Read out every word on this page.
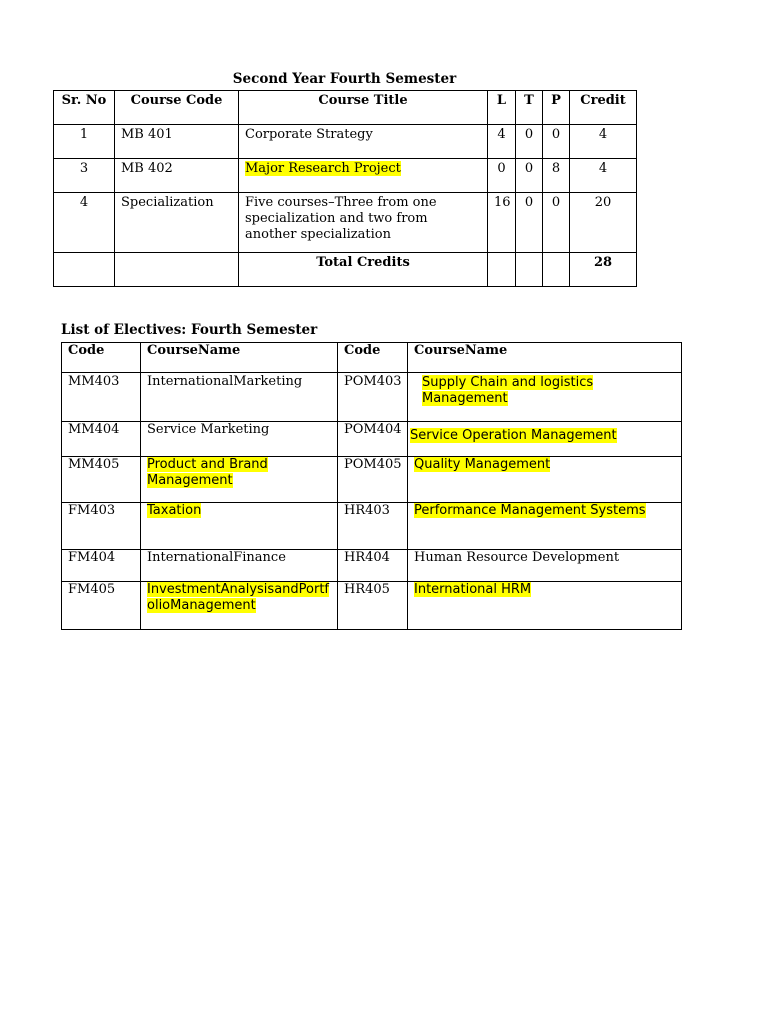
Second Year Fourth Semester
Sr. No	Course Code	Course Title	L	T	P	Credit
1	MB 401	Corporate Strategy	4	0	0	4
3	MB 402	Major Research Project	0	0	8	4
4	Specialization	Five courses–Three from one specialization and two from another specialization	16	0	0	20
		Total Credits				28
List of Electives: Fourth Semester
Code	CourseName	Code	CourseName
MM403	InternationalMarketing	POM403	Supply Chain and logistics Management
MM404	Service Marketing	POM404	Service Operation Management
MM405	Product and Brand Management	POM405	Quality Management
FM403	Taxation	HR403	Performance Management Systems
FM404	InternationalFinance	HR404	Human Resource Development
FM405	InvestmentAnalysisandPortfolioManagement	HR405	International HRM
